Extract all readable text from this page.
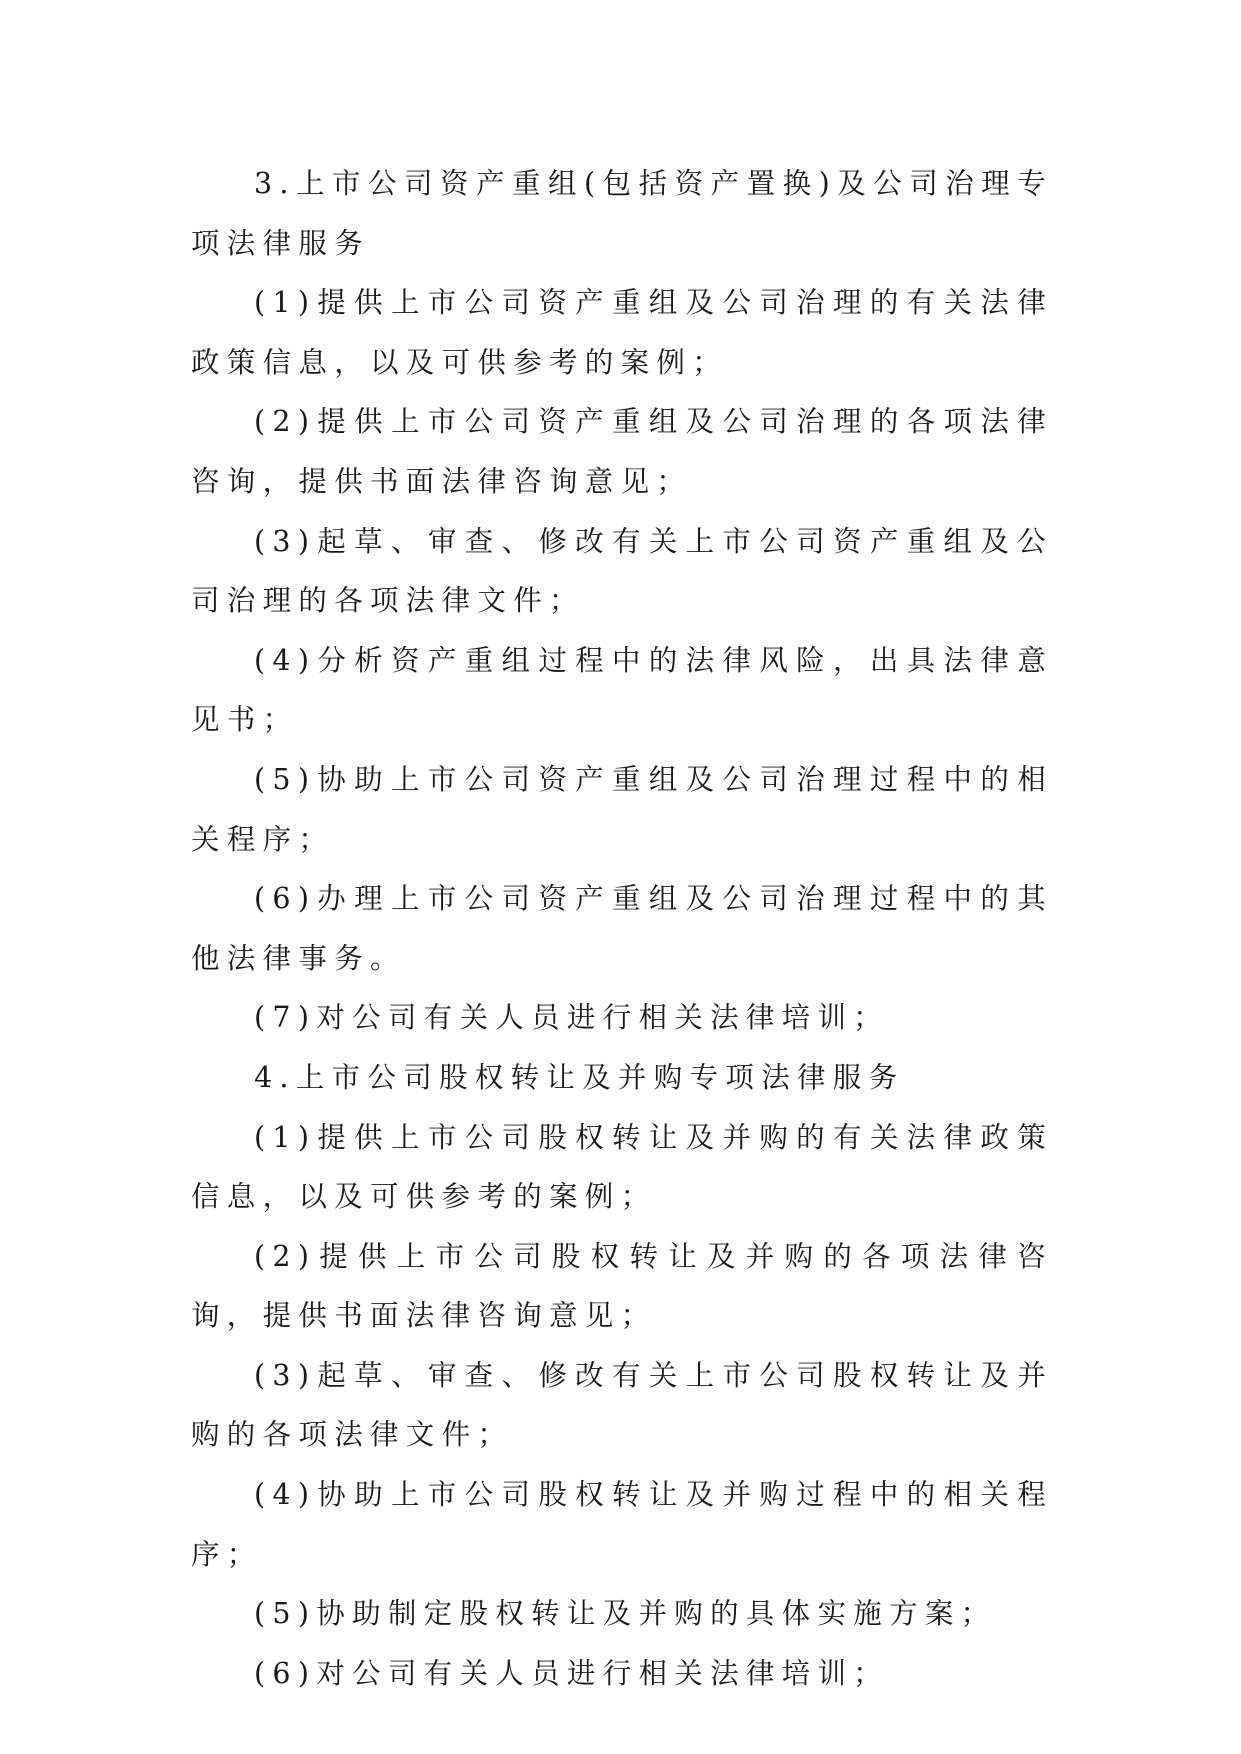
3.上市公司资产重组(包括资产置换)及公司治理专项法律服务

(1)提供上市公司资产重组及公司治理的有关法律政策信息，以及可供参考的案例；

(2)提供上市公司资产重组及公司治理的各项法律咨询，提供书面法律咨询意见；

(3)起草、审查、修改有关上市公司资产重组及公司治理的各项法律文件；

(4)分析资产重组过程中的法律风险，出具法律意见书；

(5)协助上市公司资产重组及公司治理过程中的相关程序；

(6)办理上市公司资产重组及公司治理过程中的其他法律事务。

(7)对公司有关人员进行相关法律培训；

4.上市公司股权转让及并购专项法律服务

(1)提供上市公司股权转让及并购的有关法律政策信息，以及可供参考的案例；

(2)提供上市公司股权转让及并购的各项法律咨询，提供书面法律咨询意见；

(3)起草、审查、修改有关上市公司股权转让及并购的各项法律文件；

(4)协助上市公司股权转让及并购过程中的相关程序；

(5)协助制定股权转让及并购的具体实施方案；

(6)对公司有关人员进行相关法律培训；
